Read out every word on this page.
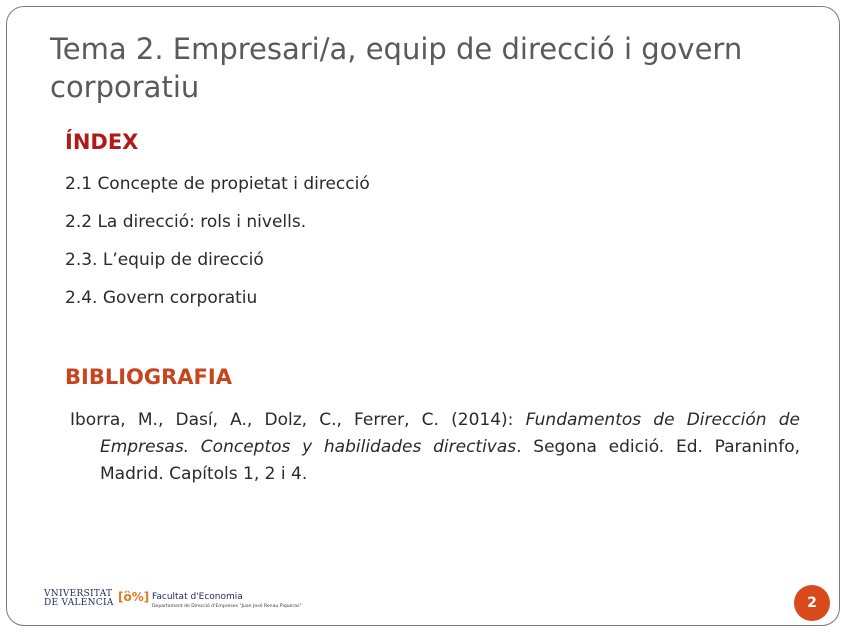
Tema 2. Empresari/a, equip de direcció i govern corporatiu
ÍNDEX
2.1 Concepte de propietat i direcció
2.2 La direcció: rols i nivells.
2.3. L’equip de direcció
2.4. Govern corporatiu
BIBLIOGRAFIA

Iborra, M., Dasí, A., Dolz, C., Ferrer, C. (2014): Fundamentos de Dirección de Empresas. Conceptos y habilidades directivas. Segona edició. Ed. Paraninfo, Madrid. Capítols 1, 2 i 4.

VNIVERSITAT
DE VALÈNCIA [ὃ%] Facultat d'Economia
Departament de Direcció d'Empreses "Juan José Renau Piqueras"	2
